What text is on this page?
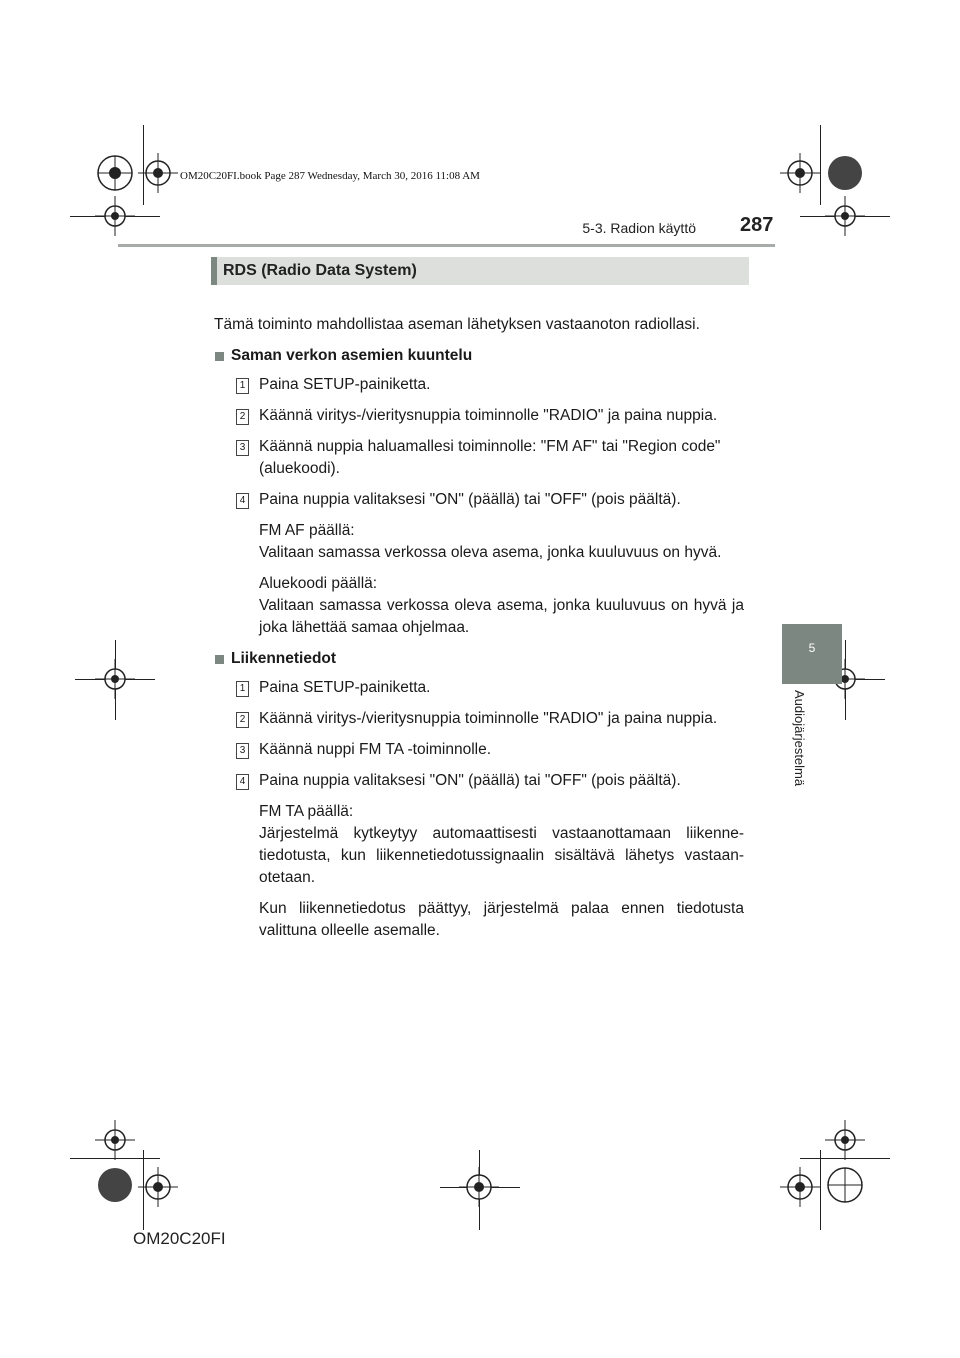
OM20C20FI.book Page 287 Wednesday, March 30, 2016 11:08 AM
5-3. Radion käyttö 287
5
Audiojärjestelmä
RDS (Radio Data System)

Tämä toiminto mahdollistaa aseman lähetyksen vastaanoton radiollasi.

Saman verkon asemien kuuntelu
1 Paina SETUP-painiketta.
2 Käännä viritys-/vieritysnuppia toiminnolle "RADIO" ja paina nuppia.
3 Käännä nuppia haluamallesi toiminnolle: "FM AF" tai "Region code" (aluekoodi).
4 Paina nuppia valitaksesi "ON" (päällä) tai "OFF" (pois päältä).
FM AF päällä:
Valitaan samassa verkossa oleva asema, jonka kuuluvuus on hyvä.
Aluekoodi päällä:
Valitaan samassa verkossa oleva asema, jonka kuuluvuus on hyvä ja joka lähettää samaa ohjelmaa.
Liikennetiedot
1 Paina SETUP-painiketta.
2 Käännä viritys-/vieritysnuppia toiminnolle "RADIO" ja paina nuppia.
3 Käännä nuppi FM TA -toiminnolle.
4 Paina nuppia valitaksesi "ON" (päällä) tai "OFF" (pois päältä).
FM TA päällä:
Järjestelmä kytkeytyy automaattisesti vastaanottamaan liikenne-tiedotusta, kun liikennetiedotussignaalin sisältävä lähetys vastaan-otetaan.
Kun liikennetiedotus päättyy, järjestelmä palaa ennen tiedotusta valittuna olleelle asemalle.
OM20C20FI
